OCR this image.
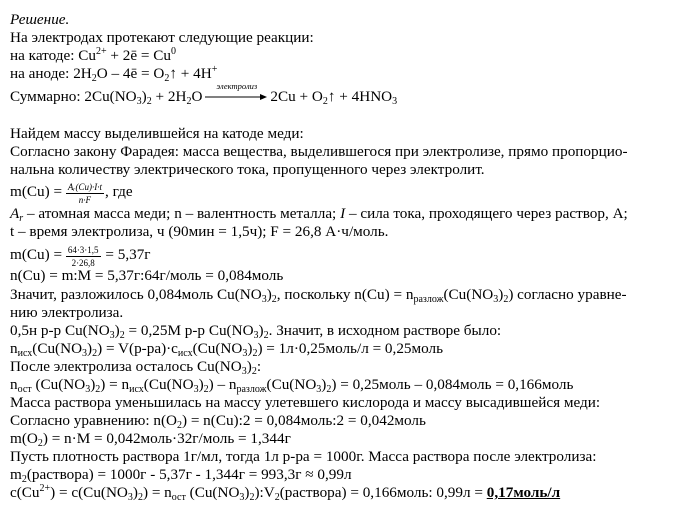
Решение.
На электродах протекают следующие реакции:
на катоде: $Cu^{2+}$ + 2ē = $Cu^0$
на аноде: $2H_2O$ – 4ē = $O_2↑ + 4H^+$
Суммарно: $2Cu(NO_3)_2 + 2H_2O$
электролиз
$2Cu + O_2↑ + 4HNO_3$
Найдем массу выделившейся на катоде меди:
Согласно закону Фарадея: масса вещества, выделившегося при электролизе, прямо пропорцио-
нальна количеству электрического тока, пропущенного через электролит.
$m(Cu) = \frac{\text{Aᵣ(Cu)·I·t}}{n\cdot F}$ , где
$A_r$ – атомная масса меди; n – валентность металла; I – сила тока, проходящего через раствор, A;
t – время электролиза, ч (90мин = 1,5ч); F = 26,8 А·ч/моль.
$m(Cu) = \frac{64\cdot 3\cdot 1,5}{2\cdot 26,8} = 5,37г$
n(Cu) = m:M = 5,37г:64г/моль = 0,084моль
Значит, разложилось 0,084моль $Cu(NO_3)_2$, поскольку $n(Cu) = n_{разлож}(Cu(NO_3)_2)$ согласно уравне-
нию электролиза.
0,5н р-р $Cu(NO_3)_2 = 0,25М$ р-р $Cu(NO_3)_2$. Значит, в исходном растворе было:
$n_{исх}(Cu(NO_3)_2) = V(р-ра)\cdot c_{исх}(Cu(NO_3)_2)$ = 1л·0,25моль/л = 0,25моль
После электролиза осталось $Cu(NO_3)_2$:
$n_{ост}$ $(Cu(NO_3)_2) = n_{исх}(Cu(NO_3)_2) - n_{разлож}(Cu(NO_3)_2)$ = 0,25моль – 0,084моль = 0,166моль
Масса раствора уменьшилась на массу улетевшего кислорода и массу высадившейся меди:
Согласно уравнению: $n(O_2)$ = n(Cu):2 = 0,084моль:2 = 0,042моль
$m(O_2) = n\cdot M$ = 0,042моль·32г/моль = 1,344г
Пусть плотность раствора 1г/мл, тогда 1л р-ра = 1000г. Масса раствора после электролиза:
$m_2(раствора) = 1000г - 5,37г - 1,344г = 993,3г \approx 0,99л$
$c(Cu^{2+}) = c(Cu(NO_3)_2) = n_{ост}$ $(Cu(NO_3)_2):V_2(раствора)$ = 0,166моль: 0,99л = 0,17моль/л
